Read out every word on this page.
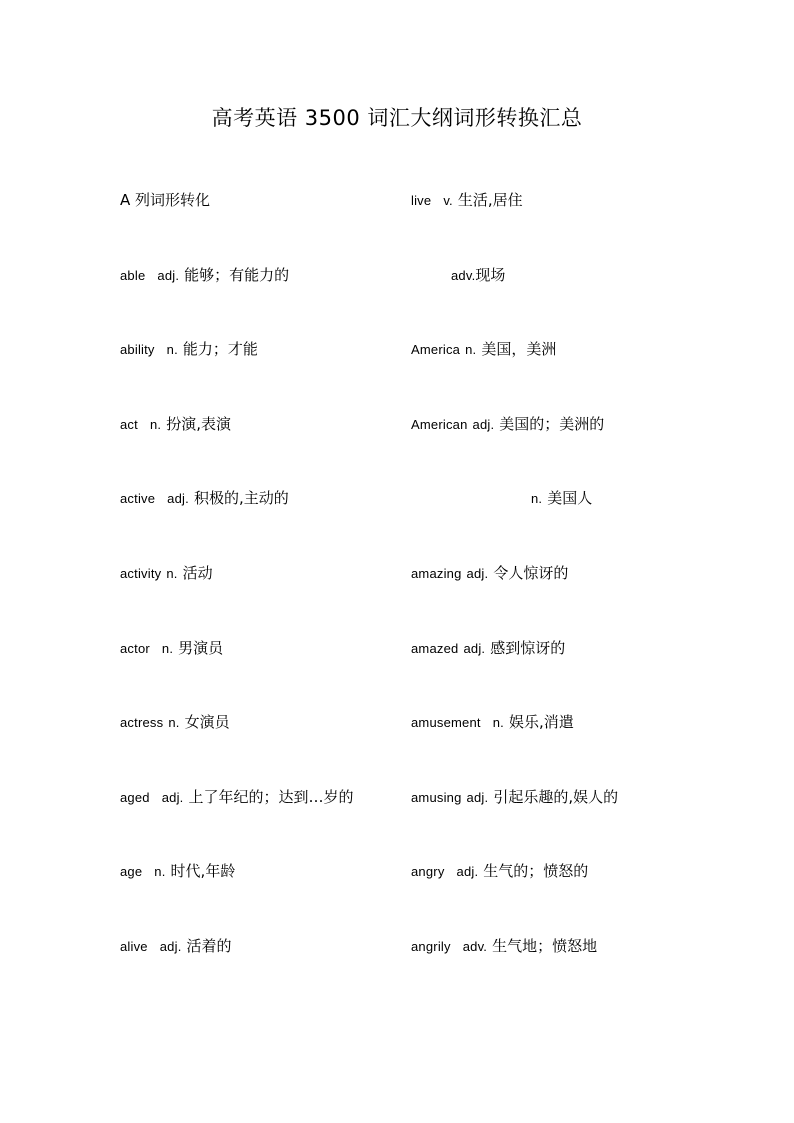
高考英语 3500 词汇大纲词形转换汇总
A 列词形转化
able adj. 能够；有能力的
ability n. 能力；才能
act n. 扮演,表演
active adj. 积极的,主动的
activity n. 活动
actor n. 男演员
actress n. 女演员
aged adj. 上了年纪的；达到…岁的
age n. 时代,年龄
alive adj. 活着的
live v. 生活,居住
adv.现场
America n. 美国，美洲
American adj. 美国的；美洲的
n. 美国人
amazing adj. 令人惊讶的
amazed adj. 感到惊讶的
amusement n. 娱乐,消遣
amusing adj. 引起乐趣的,娱人的
angry adj. 生气的；愤怒的
angrily adv. 生气地；愤怒地
